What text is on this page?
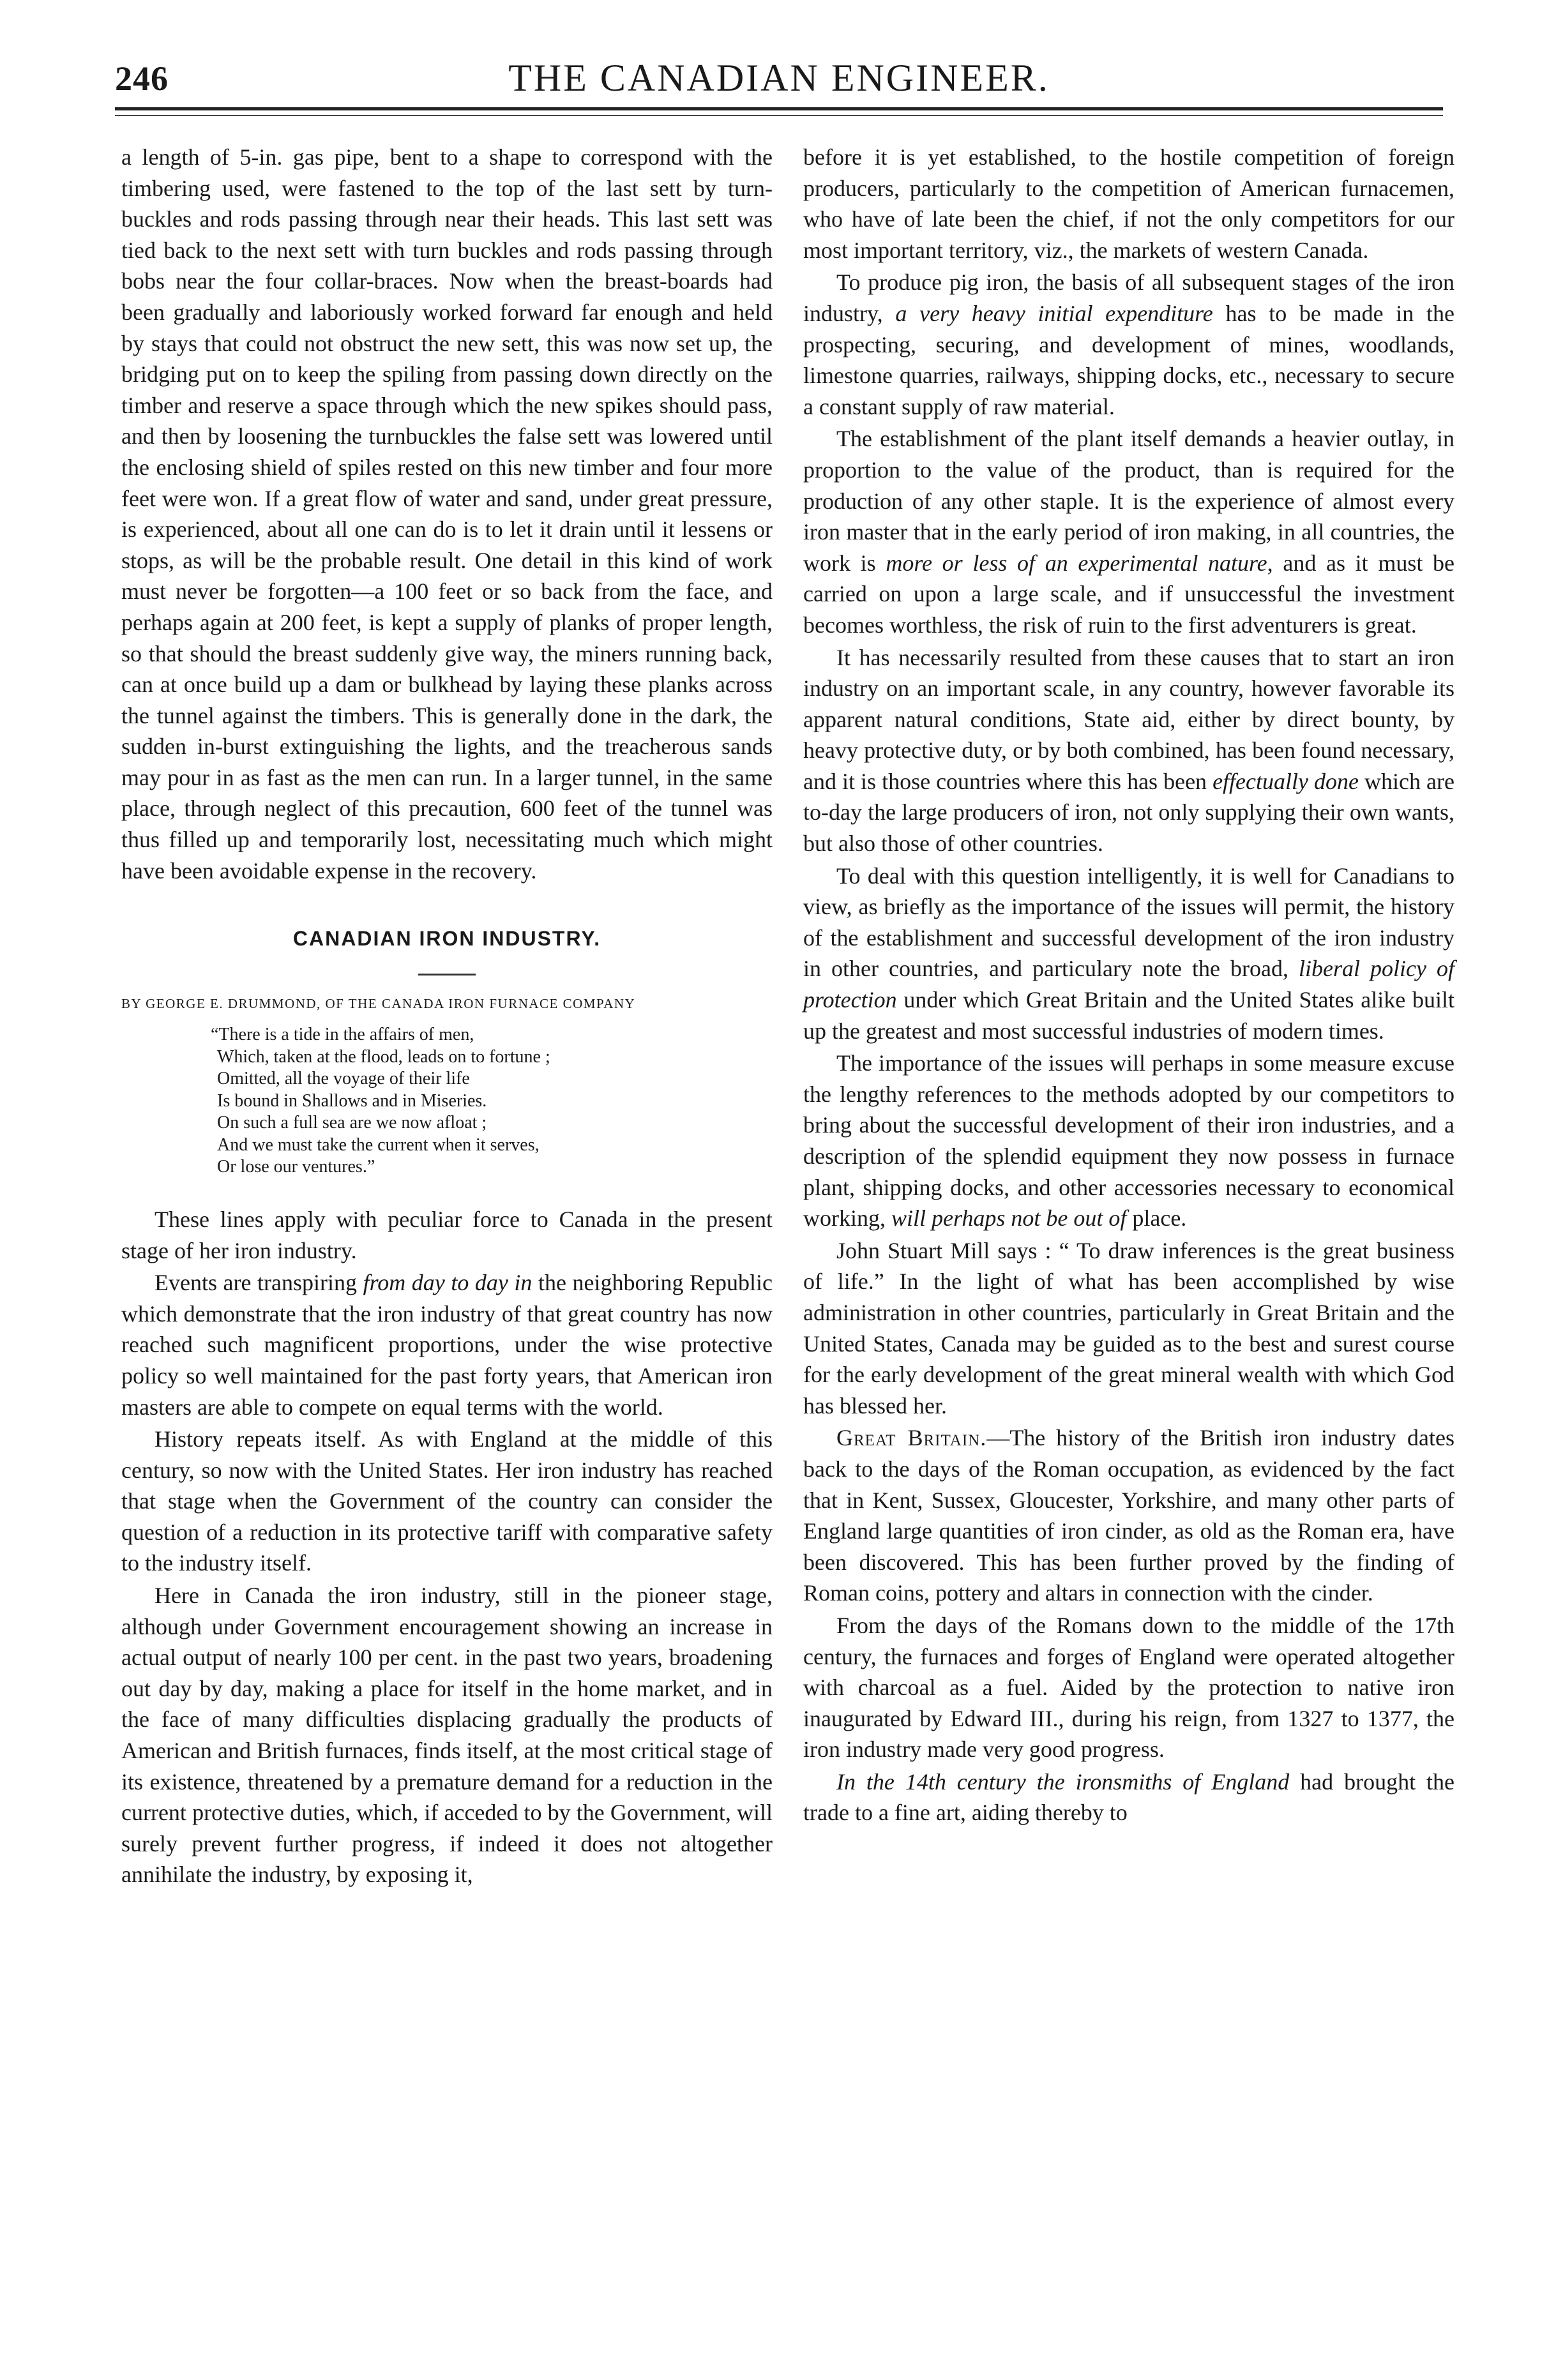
246	THE CANADIAN ENGINEER.

a length of 5-in. gas pipe, bent to a shape to correspond with the timbering used, were fastened to the top of the last sett by turn-buckles and rods passing through near their heads. This last sett was tied back to the next sett with turn buckles and rods passing through bobs near the four collar-braces. Now when the breast-boards had been gradually and laboriously worked forward far enough and held by stays that could not obstruct the new sett, this was now set up, the bridging put on to keep the spiling from passing down directly on the timber and reserve a space through which the new spikes should pass, and then by loosening the turnbuckles the false sett was lowered until the enclosing shield of spiles rested on this new timber and four more feet were won. If a great flow of water and sand, under great pressure, is experienced, about all one can do is to let it drain until it lessens or stops, as will be the probable result. One detail in this kind of work must never be forgotten—a 100 feet or so back from the face, and perhaps again at 200 feet, is kept a supply of planks of proper length, so that should the breast suddenly give way, the miners running back, can at once build up a dam or bulkhead by laying these planks across the tunnel against the timbers. This is generally done in the dark, the sudden in-burst extinguishing the lights, and the treacherous sands may pour in as fast as the men can run. In a larger tunnel, in the same place, through neglect of this precaution, 600 feet of the tunnel was thus filled up and temporarily lost, necessitating much which might have been avoidable expense in the recovery.

CANADIAN IRON INDUSTRY.
BY GEORGE E. DRUMMOND, OF THE CANADA IRON FURNACE COMPANY
“There is a tide in the affairs of men,
Which, taken at the flood, leads on to fortune ;
Omitted, all the voyage of their life
Is bound in Shallows and in Miseries.
On such a full sea are we now afloat ;
And we must take the current when it serves,
Or lose our ventures.”

These lines apply with peculiar force to Canada in the present stage of her iron industry.

Events are transpiring from day to day in the neighboring Republic which demonstrate that the iron industry of that great country has now reached such magnificent proportions, under the wise protective policy so well maintained for the past forty years, that American iron masters are able to compete on equal terms with the world.

History repeats itself. As with England at the middle of this century, so now with the United States. Her iron industry has reached that stage when the Government of the country can consider the question of a reduction in its protective tariff with comparative safety to the industry itself.

Here in Canada the iron industry, still in the pioneer stage, although under Government encouragement showing an increase in actual output of nearly 100 per cent. in the past two years, broadening out day by day, making a place for itself in the home market, and in the face of many difficulties displacing gradually the products of American and British furnaces, finds itself, at the most critical stage of its existence, threatened by a premature demand for a reduction in the current protective duties, which, if acceded to by the Government, will surely prevent further progress, if indeed it does not altogether annihilate the industry, by exposing it,

before it is yet established, to the hostile competition of foreign producers, particularly to the competition of American furnacemen, who have of late been the chief, if not the only competitors for our most important territory, viz., the markets of western Canada.

To produce pig iron, the basis of all subsequent stages of the iron industry, a very heavy initial expenditure has to be made in the prospecting, securing, and development of mines, woodlands, limestone quarries, railways, shipping docks, etc., necessary to secure a constant supply of raw material.

The establishment of the plant itself demands a heavier outlay, in proportion to the value of the product, than is required for the production of any other staple. It is the experience of almost every iron master that in the early period of iron making, in all countries, the work is more or less of an experimental nature, and as it must be carried on upon a large scale, and if unsuccessful the investment becomes worthless, the risk of ruin to the first adventurers is great.

It has necessarily resulted from these causes that to start an iron industry on an important scale, in any country, however favorable its apparent natural conditions, State aid, either by direct bounty, by heavy protective duty, or by both combined, has been found necessary, and it is those countries where this has been effectually done which are to-day the large producers of iron, not only supplying their own wants, but also those of other countries.

To deal with this question intelligently, it is well for Canadians to view, as briefly as the importance of the issues will permit, the history of the establishment and successful development of the iron industry in other countries, and particulary note the broad, liberal policy of protection under which Great Britain and the United States alike built up the greatest and most successful industries of modern times.

The importance of the issues will perhaps in some measure excuse the lengthy references to the methods adopted by our competitors to bring about the successful development of their iron industries, and a description of the splendid equipment they now possess in furnace plant, shipping docks, and other accessories necessary to economical working, will perhaps not be out of place.

John Stuart Mill says : “ To draw inferences is the great business of life.” In the light of what has been accomplished by wise administration in other countries, particularly in Great Britain and the United States, Canada may be guided as to the best and surest course for the early development of the great mineral wealth with which God has blessed her.

Great Britain.—The history of the British iron industry dates back to the days of the Roman occupation, as evidenced by the fact that in Kent, Sussex, Gloucester, Yorkshire, and many other parts of England large quantities of iron cinder, as old as the Roman era, have been discovered. This has been further proved by the finding of Roman coins, pottery and altars in connection with the cinder.

From the days of the Romans down to the middle of the 17th century, the furnaces and forges of England were operated altogether with charcoal as a fuel. Aided by the protection to native iron inaugurated by Edward III., during his reign, from 1327 to 1377, the iron industry made very good progress.

In the 14th century the ironsmiths of England had brought the trade to a fine art, aiding thereby to
